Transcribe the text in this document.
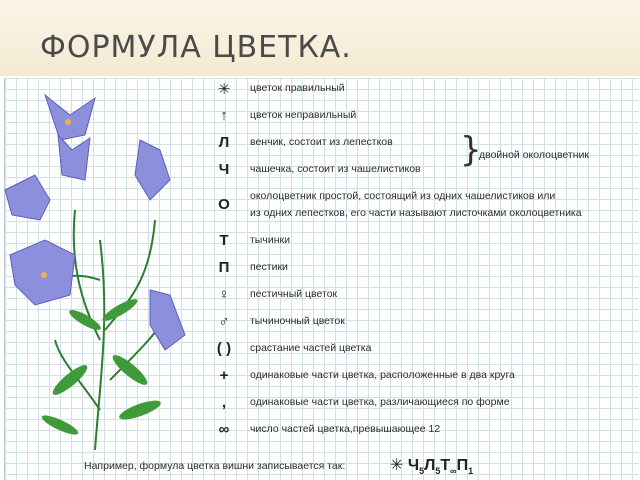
ФОРМУЛА ЦВЕТКА.
✳	цветок правильный
↑	цветок неправильный
Л	венчик, состоит из лепестков
Ч	чашечка, состоит из чашелистиков
О	околоцветник простой, состоящий из одних чашелистиков или
из одних лепестков, его части называют листочками околоцветника
Т	тычинки
П	пестики
♀	пестичный цветок
♂	тычиночный цветок
( )	срастание частей цветка
+	одинаковые части цветка, расположенные в два круга
,	одинаковые части цветка, различающиеся по форме
∞	число частей цветка,превышающее 12
}
двойной околоцветник
Например, формула цветка вишни записывается так:	✳ $Ч_5Л_5Т_\infty П_1$
